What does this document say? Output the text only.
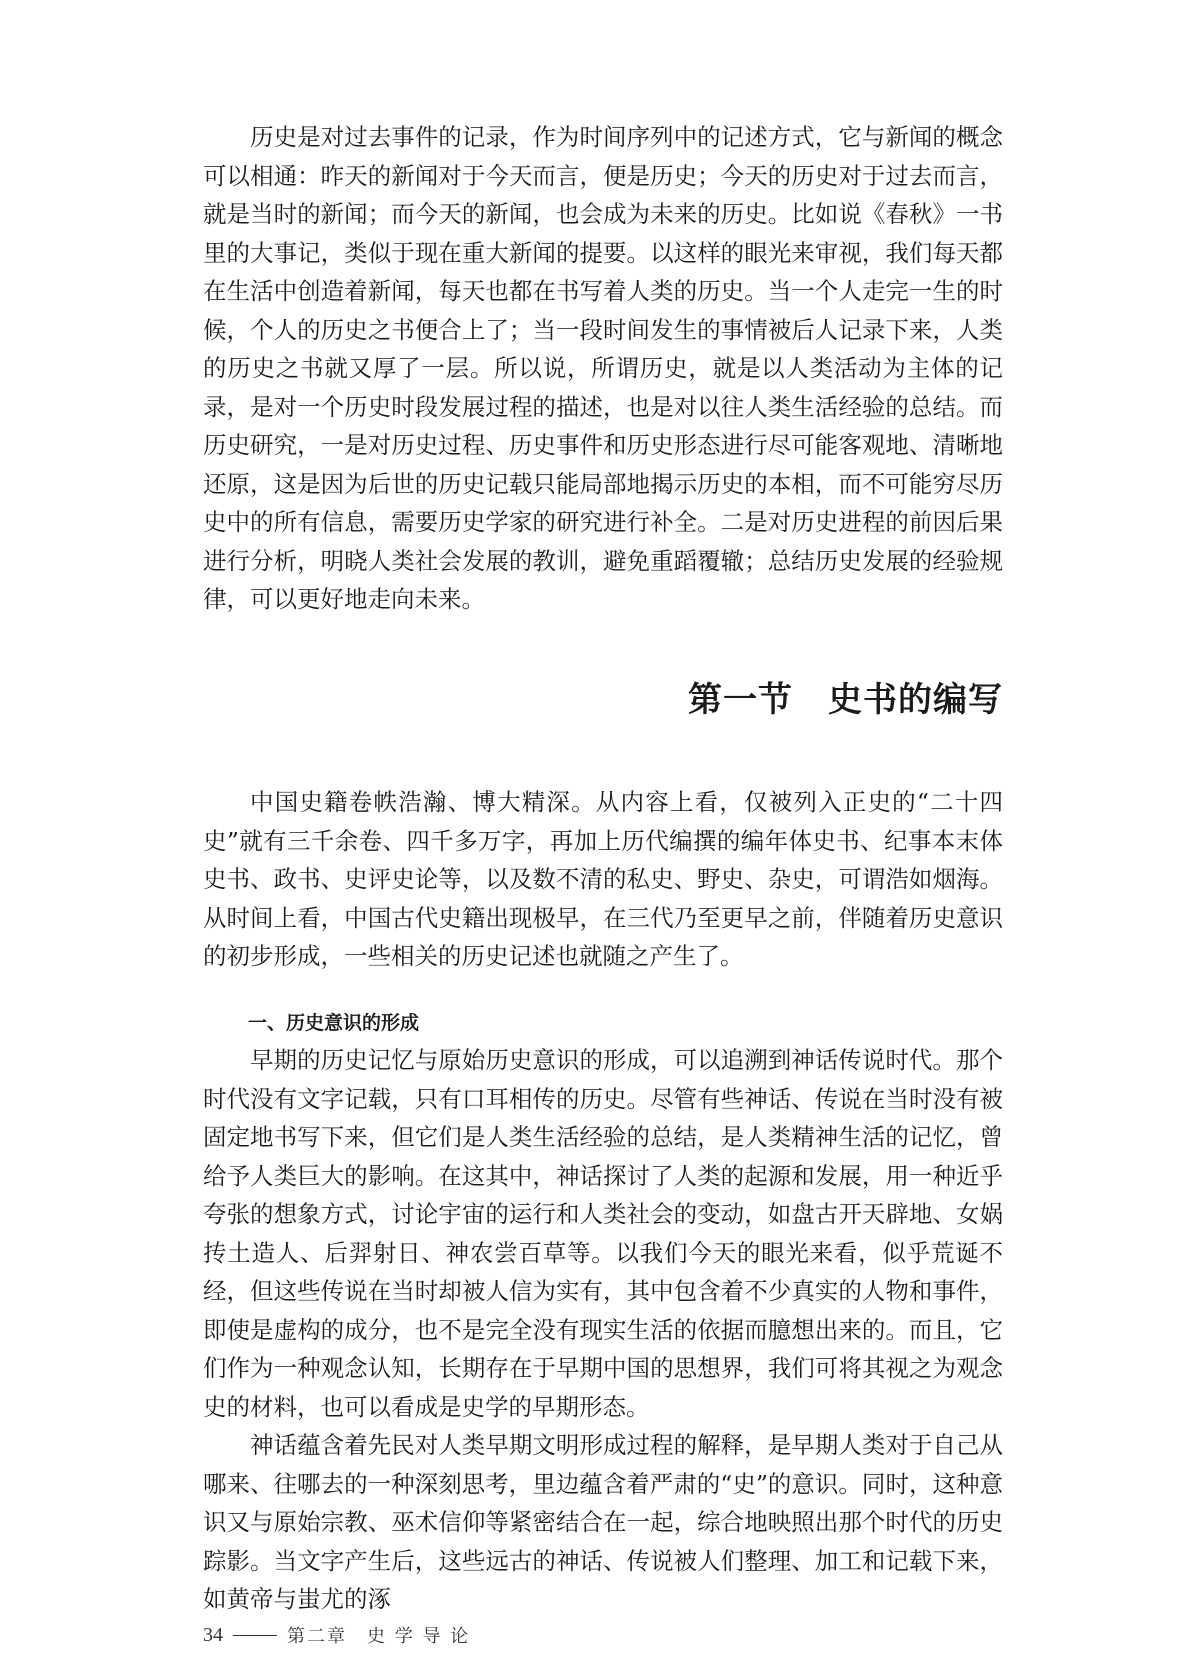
历史是对过去事件的记录，作为时间序列中的记述方式，它与新闻的概念可以相通：昨天的新闻对于今天而言，便是历史；今天的历史对于过去而言，就是当时的新闻；而今天的新闻，也会成为未来的历史。比如说《春秋》一书里的大事记，类似于现在重大新闻的提要。以这样的眼光来审视，我们每天都在生活中创造着新闻，每天也都在书写着人类的历史。当一个人走完一生的时候，个人的历史之书便合上了；当一段时间发生的事情被后人记录下来，人类的历史之书就又厚了一层。所以说，所谓历史，就是以人类活动为主体的记录，是对一个历史时段发展过程的描述，也是对以往人类生活经验的总结。而历史研究，一是对历史过程、历史事件和历史形态进行尽可能客观地、清晰地还原，这是因为后世的历史记载只能局部地揭示历史的本相，而不可能穷尽历史中的所有信息，需要历史学家的研究进行补全。二是对历史进程的前因后果进行分析，明晓人类社会发展的教训，避免重蹈覆辙；总结历史发展的经验规律，可以更好地走向未来。

第一节　史书的编写

中国史籍卷帙浩瀚、博大精深。从内容上看，仅被列入正史的“二十四史”就有三千余卷、四千多万字，再加上历代编撰的编年体史书、纪事本末体史书、政书、史评史论等，以及数不清的私史、野史、杂史，可谓浩如烟海。从时间上看，中国古代史籍出现极早，在三代乃至更早之前，伴随着历史意识的初步形成，一些相关的历史记述也就随之产生了。

一、历史意识的形成

早期的历史记忆与原始历史意识的形成，可以追溯到神话传说时代。那个时代没有文字记载，只有口耳相传的历史。尽管有些神话、传说在当时没有被固定地书写下来，但它们是人类生活经验的总结，是人类精神生活的记忆，曾给予人类巨大的影响。在这其中，神话探讨了人类的起源和发展，用一种近乎夸张的想象方式，讨论宇宙的运行和人类社会的变动，如盘古开天辟地、女娲抟土造人、后羿射日、神农尝百草等。以我们今天的眼光来看，似乎荒诞不经，但这些传说在当时却被人信为实有，其中包含着不少真实的人物和事件，即使是虚构的成分，也不是完全没有现实生活的依据而臆想出来的。而且，它们作为一种观念认知，长期存在于早期中国的思想界，我们可将其视之为观念史的材料，也可以看成是史学的早期形态。

神话蕴含着先民对人类早期文明形成过程的解释，是早期人类对于自己从哪来、往哪去的一种深刻思考，里边蕴含着严肃的“史”的意识。同时，这种意识又与原始宗教、巫术信仰等紧密结合在一起，综合地映照出那个时代的历史踪影。当文字产生后，这些远古的神话、传说被人们整理、加工和记载下来，如黄帝与蚩尤的涿

34	第二章　史 学 导 论
